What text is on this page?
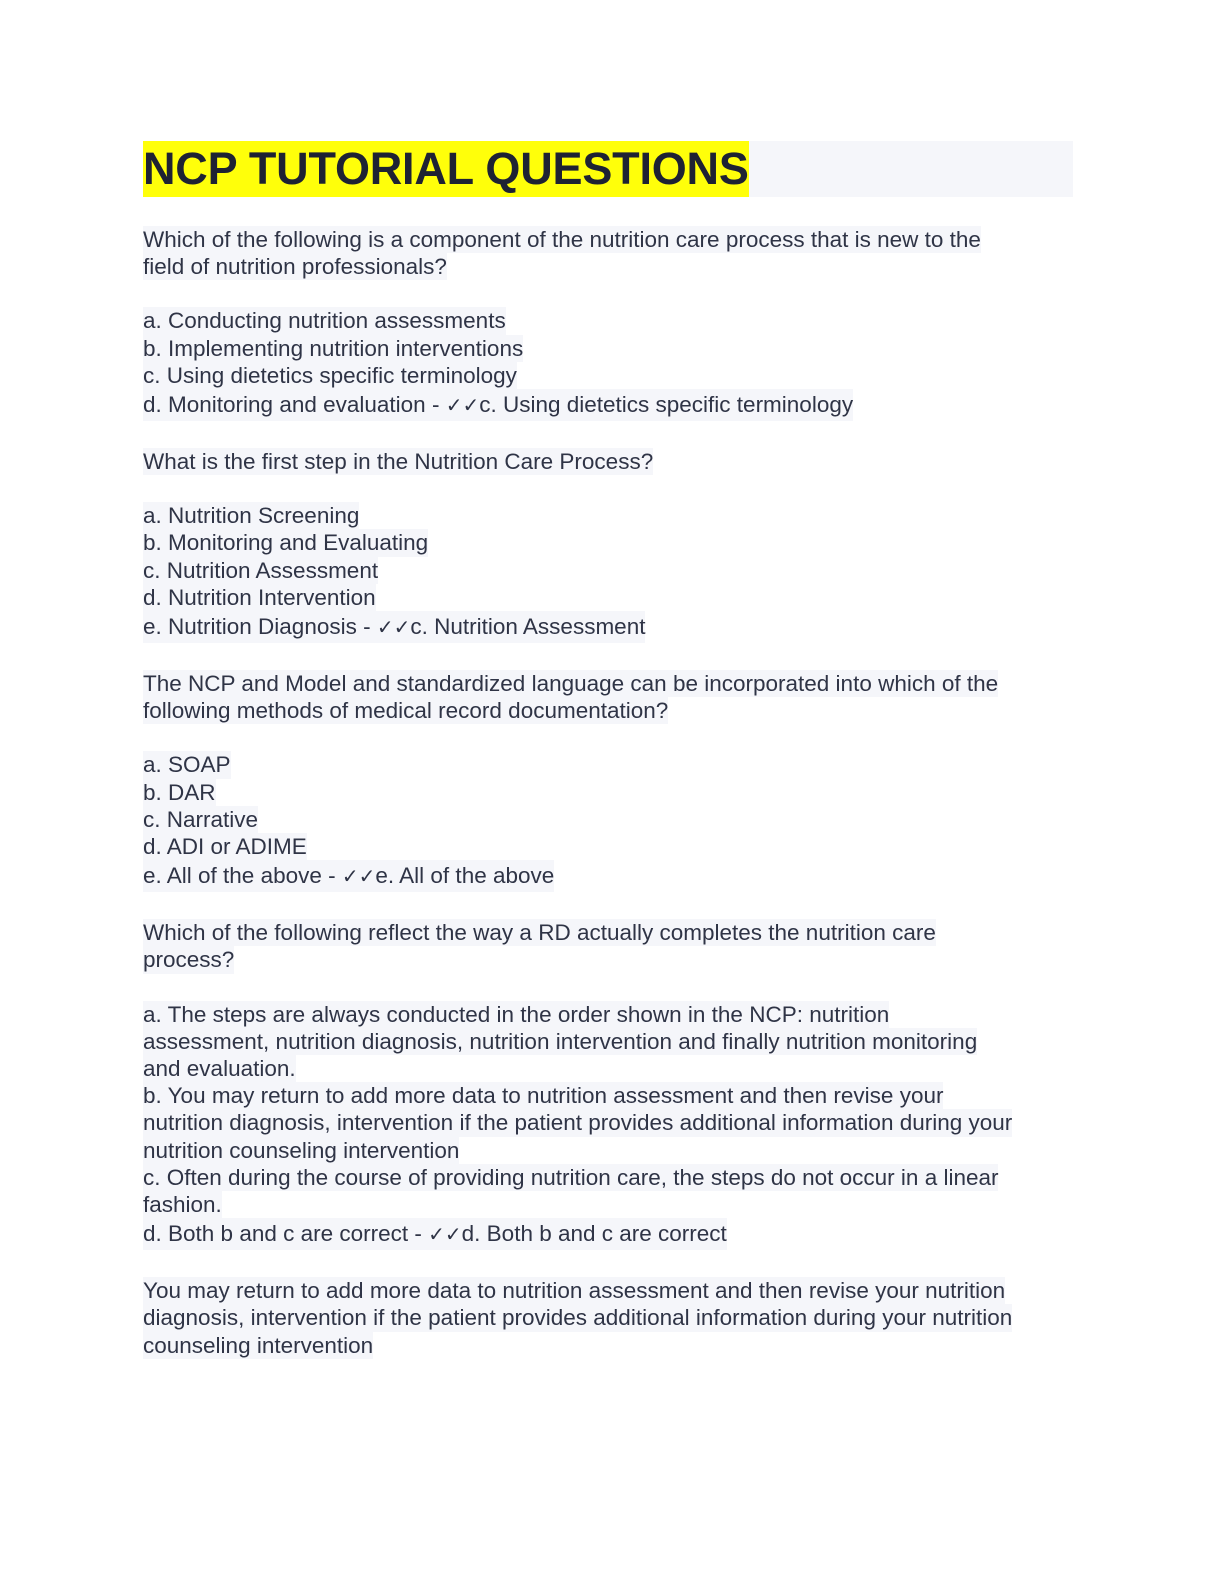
NCP TUTORIAL QUESTIONS
Which of the following is a component of the nutrition care process that is new to the
field of nutrition professionals?
a. Conducting nutrition assessments
b. Implementing nutrition interventions
c. Using dietetics specific terminology
d. Monitoring and evaluation - ✓✓c. Using dietetics specific terminology
What is the first step in the Nutrition Care Process?
a. Nutrition Screening
b. Monitoring and Evaluating
c. Nutrition Assessment
d. Nutrition Intervention
e. Nutrition Diagnosis - ✓✓c. Nutrition Assessment
The NCP and Model and standardized language can be incorporated into which of the
following methods of medical record documentation?
a. SOAP
b. DAR
c. Narrative
d. ADI or ADIME
e. All of the above - ✓✓e. All of the above
Which of the following reflect the way a RD actually completes the nutrition care
process?
a. The steps are always conducted in the order shown in the NCP: nutrition
assessment, nutrition diagnosis, nutrition intervention and finally nutrition monitoring
and evaluation.
b. You may return to add more data to nutrition assessment and then revise your
nutrition diagnosis, intervention if the patient provides additional information during your
nutrition counseling intervention
c. Often during the course of providing nutrition care, the steps do not occur in a linear
fashion.
d. Both b and c are correct - ✓✓d. Both b and c are correct
You may return to add more data to nutrition assessment and then revise your nutrition
diagnosis, intervention if the patient provides additional information during your nutrition
counseling intervention
